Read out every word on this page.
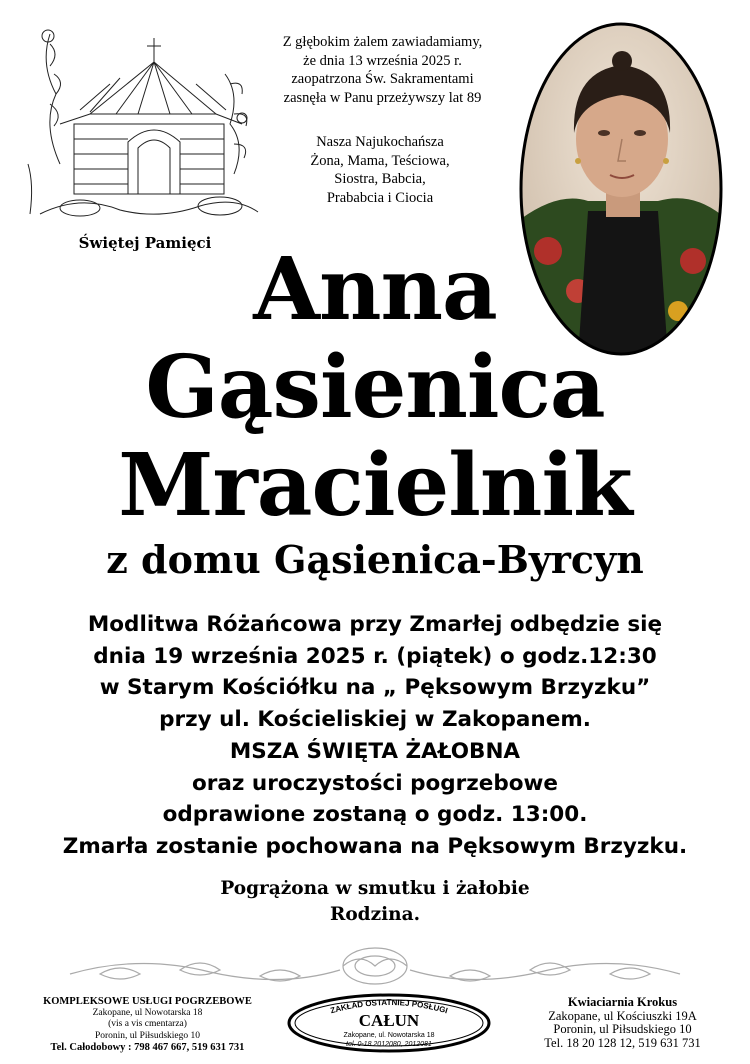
Świętej Pamięci
Z głębokim żalem zawiadamiamy,
że dnia 13 września 2025 r.
zaopatrzona Św. Sakramentami
zasnęła w Panu przeżywszy lat 89
Nasza Najukochańsza
Żona, Mama, Teściowa,
Siostra, Babcia,
Prababcia i Ciocia
Anna
Gąsienica
Mracielnik
z domu Gąsienica-Byrcyn
Modlitwa Różańcowa przy Zmarłej odbędzie się
dnia 19 września 2025 r. (piątek) o godz.12:30
w Starym Kościółku na „ Pęksowym Brzyzku”
przy ul. Kościeliskiej w Zakopanem.
MSZA ŚWIĘTA ŻAŁOBNA
oraz uroczystości pogrzebowe
odprawione zostaną o godz. 13:00.
Zmarła zostanie pochowana na Pęksowym Brzyzku.
Pogrążona w smutku i żałobie
Rodzina.
KOMPLEKSOWE USŁUGI POGRZEBOWE
Zakopane, ul Nowotarska 18
(vis a vis cmentarza)
Poronin, ul Piłsudskiego 10
Tel. Całodobowy : 798 467 667, 519 631 731
ZAKŁAD OSTATNIEJ POSŁUGI
CAŁUN
Zakopane, ul. Nowotarska 18
tel. 0-18 2012080, 2012081
Kwiaciarnia Krokus
Zakopane, ul Kościuszki 19A
Poronin, ul Piłsudskiego 10
Tel. 18 20 128 12, 519 631 731
